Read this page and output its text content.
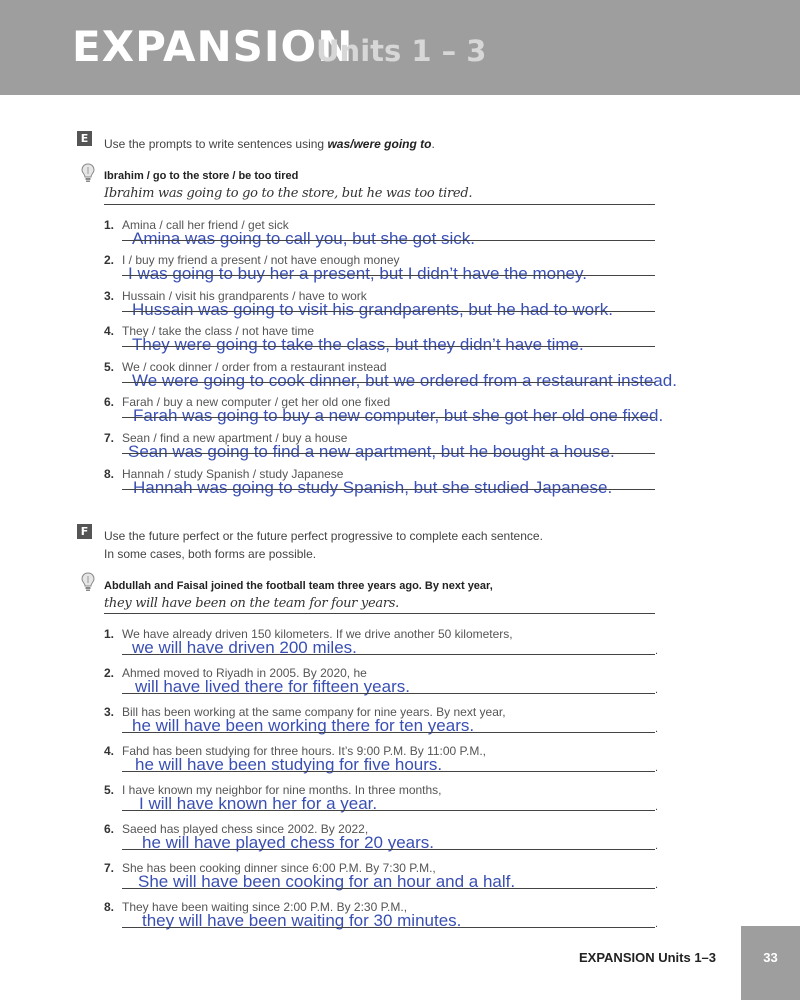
EXPANSION
Units 1 – 3
E	Use the prompts to write sentences using was/were going to.
Ibrahim / go to the store / be too tired
Ibrahim was going to go to the store, but he was too tired.
1. Amina / call her friend / get sick
Amina was going to call you, but she got sick.
2. I / buy my friend a present / not have enough money
I was going to buy her a present, but I didn’t have the money.
3. Hussain / visit his grandparents / have to work
Hussain was going to visit his grandparents, but he had to work.
4. They / take the class / not have time
They were going to take the class, but they didn’t have time.
5. We / cook dinner / order from a restaurant instead
We were going to cook dinner, but we ordered from a restaurant instead.
6. Farah / buy a new computer / get her old one fixed
Farah was going to buy a new computer, but she got her old one fixed.
7. Sean / find a new apartment / buy a house
Sean was going to find a new apartment, but he bought a house.
8. Hannah / study Spanish / study Japanese
Hannah was going to study Spanish, but she studied Japanese.
F	Use the future perfect or the future perfect progressive to complete each sentence.
In some cases, both forms are possible.
Abdullah and Faisal joined the football team three years ago. By next year,
they will have been on the team for four years.
1. We have already driven 150 kilometers. If we drive another 50 kilometers,
we will have driven 200 miles.	.
2. Ahmed moved to Riyadh in 2005. By 2020, he
will have lived there for fifteen years.	.
3. Bill has been working at the same company for nine years. By next year,
he will have been working there for ten years.	.
4. Fahd has been studying for three hours. It’s 9:00 P.M. By 11:00 P.M.,
he will have been studying for five hours.	.
5. I have known my neighbor for nine months. In three months,
I will have known her for a year.	.
6. Saeed has played chess since 2002. By 2022,
he will have played chess for 20 years.	.
7. She has been cooking dinner since 6:00 P.M. By 7:30 P.M.,
She will have been cooking for an hour and a half.	.
8. They have been waiting since 2:00 P.M. By 2:30 P.M.,
they will have been waiting for 30 minutes.	.
EXPANSION Units 1–3	33
